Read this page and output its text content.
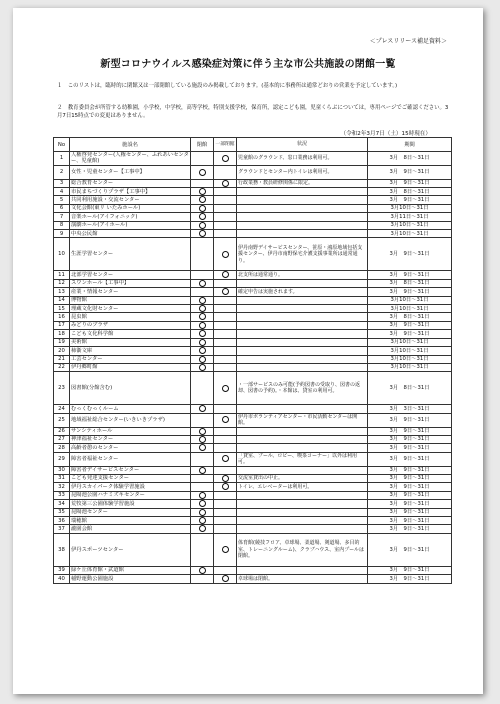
＜プレスリリース補足資料＞
新型コロナウイルス感染症対策に伴う主な市公共施設の閉館一覧
１　このリストは，臨時的に閉館又は一部閉館している施設のみ掲載しております。(基本的に事務所は通常どおりの営業を予定しています。)
２　教育委員会が所管する幼稚園，小学校，中学校，高等学校，特別支援学校，保育所，認定こども園，児童くらぶについては，専用ページでご確認ください。3月7日15時点での変更はありません。
（令和2年3月7日（土）15時現在）
No	施設名	閉館	一部閉館	状況	期間
1	人権啓発センター(人権センター、ふれあいセンター、児童館)			児童館のグラウンド、窓口業務は利用可。	3月　8日～31日
2	女性・児童センター【工事中】			グラウンドとセンター内トイレは利用可。	3月　9日～31日
3	総合教育センター			行政業務・教員研修関係に限定。	3月　9日～31日
4	市民まちづくりプラザ【工事中】				3月　8日～31日
5	共同利用施設・交流センター				3月　9日～31日
6	文化会館(東リ いたみホール)				3月10日～31日
7	音楽ホール(アイフォニック)				3月11日～31日
8	演劇ホール(アイホール)				3月10日～31日
9	中央公民館				3月10日～31日
10	生涯学習センター			伊丹南野デイサービスセンター、笹原・鴻原地域包括支援センター、伊丹市南野保宅介護支援事業所は通常通り。	3月　9日～31日
11	北部学習センター			北支所は通常通り。	3月　9日～31日
12	スワンホール【工事中】				3月　8日～31日
13	産業・情報センター			確定申告は実施されます。	3月　9日～31日
14	博物館				3月10日～31日
15	理蔵文化財センター				3月10日～31日
16	昆虫館				3月　8日～31日
17	みどりのプラザ				3月　9日～31日
18	こども文化科学館				3月　9日～31日
19	美術館				3月10日～31日
20	柿衞文庫				3月10日～31日
21	工芸センター				3月10日～31日
22	伊丹郷町館				3月10日～31日
23	図書館(分館含む)			・一部サービスのみ可能(予約図書の受取り、図書の返却、図書の予約)。・本館は、貸室の利用可。	3月　8日～31日
24	むっくむっくルーム				3月　3日～31日
25	地域福祉総合センター(いきいきプラザ)			伊丹市ボランティアセンター・市民活動センターは開館。	3月　9日～31日
26	サンシティホール				3月　9日～31日
27	神津福祉センター				3月　9日～31日
28	高齢者憩のセンター				3月　9日～31日
29	障害者福祉センター			「貸室、プール、ロビー、喫茶コーナー」以外は利用可。	3月　9日～31日
30	障害者デイサービスセンター				3月　9日～31日
31	こども発達支援センター			交流室貸出の中止。	3月　9日～31日
32	伊丹スカイパーク体験学習施設			トイレ、エレベーターは利用可。	3月　9日～31日
33	昆陽池公園ハナミズキセンター				3月　9日～31日
34	荒牧第三公園体験学習施設				3月　9日～31日
35	昆陽池センター				3月　9日～31日
36	瑞穂館				3月　9日～31日
37	瀧園会館				3月　9日～31日
38	伊丹スポーツセンター			体育館(競技フロア、卓球場、柔道場、剣道場、多目的室、トレーニングルーム)、クラブハウス、室内プールは閉館。	3月　9日～31日
39	緑ケ丘体育館・武道館				3月　9日～31日
40	稲野運動公園施設			卓球場は閉館。	3月　9日～31日
